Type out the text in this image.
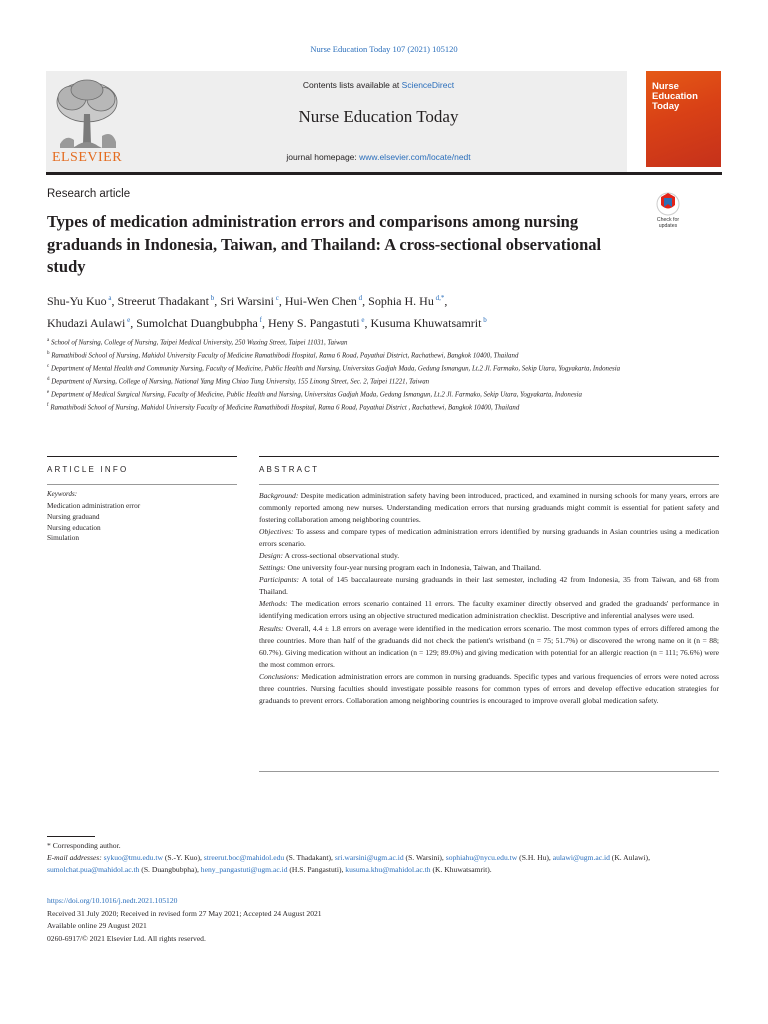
Nurse Education Today 107 (2021) 105120
ELSEVIER
Contents lists available at ScienceDirect
Nurse Education Today
journal homepage: www.elsevier.com/locate/nedt
Nurse
Education
Today
Research article
Types of medication administration errors and comparisons among nursing graduands in Indonesia, Taiwan, and Thailand: A cross-sectional observational study
Check for
updates
Shu-Yu Kuo $^a$, Streerut Thadakant $^b$, Sri Warsini $^c$, Hui-Wen Chen $^d$, Sophia H. Hu $^{d,*}$,
Khudazi Aulawi $^e$, Sumolchat Duangbubpha $^f$, Heny S. Pangastuti $^e$, Kusuma Khuwatsamrit $^b$

$^a$ School of Nursing, College of Nursing, Taipei Medical University, 250 Wuxing Street, Taipei 11031, Taiwan

$^b$ Ramathibodi School of Nursing, Mahidol University Faculty of Medicine Ramathibodi Hospital, Rama 6 Road, Payathai District, Rachathewi, Bangkok 10400, Thailand

$^c$ Department of Mental Health and Community Nursing, Faculty of Medicine, Public Health and Nursing, Universitas Gadjah Mada, Gedung Ismangun, Lt.2 Jl. Farmako, Sekip Utara, Yogyakarta, Indonesia

$^d$ Department of Nursing, College of Nursing, National Yang Ming Chiao Tung University, 155 Linong Street, Sec. 2, Taipei 11221, Taiwan

$^e$ Department of Medical Surgical Nursing, Faculty of Medicine, Public Health and Nursing, Universitas Gadjah Mada, Gedung Ismangun, Lt.2 Jl. Farmako, Sekip Utara, Yogyakarta, Indonesia

$^f$ Ramathibodi School of Nursing, Mahidol University Faculty of Medicine Ramathibodi Hospital, Rama 6 Road, Payathai District , Rachathewi, Bangkok 10400, Thailand

ARTICLE INFO	ABSTRACT
Keywords:
Medication administration error
Nursing graduand
Nursing education
Simulation

Background: Despite medication administration safety having been introduced, practiced, and examined in nursing schools for many years, errors are commonly reported among new nurses. Understanding medication errors that nursing graduands might commit is essential for patient safety and fostering collaboration among neighboring countries.

Objectives: To assess and compare types of medication administration errors identified by nursing graduands in Asian countries using a medication errors scenario.

Design: A cross-sectional observational study.

Settings: One university four-year nursing program each in Indonesia, Taiwan, and Thailand.

Participants: A total of 145 baccalaureate nursing graduands in their last semester, including 42 from Indonesia, 35 from Taiwan, and 68 from Thailand.

Methods: The medication errors scenario contained 11 errors. The faculty examiner directly observed and graded the graduands' performance in identifying medication errors using an objective structured medication administration checklist. Descriptive and inferential analyses were used.

Results: Overall, 4.4 ± 1.8 errors on average were identified in the medication errors scenario. The most common types of errors differed among the three countries. More than half of the graduands did not check the patient's wristband (n = 75; 51.7%) or discovered the wrong name on it (n = 88; 60.7%). Giving medication without an indication (n = 129; 89.0%) and giving medication with potential for an allergic reaction (n = 111; 76.6%) were the most common errors.

Conclusions: Medication administration errors are common in nursing graduands. Specific types and various frequencies of errors were noted across three countries. Nursing faculties should investigate possible reasons for common types of errors and develop effective education strategies for graduands to prevent errors. Collaboration among neighboring countries is encouraged to improve overall global medication safety.

* Corresponding author.

E-mail addresses: sykuo@tmu.edu.tw (S.-Y. Kuo), streerut.boc@mahidol.edu (S. Thadakant), sri.warsini@ugm.ac.id (S. Warsini), sophiahu@nycu.edu.tw (S.H. Hu), aulawi@ugm.ac.id (K. Aulawi), sumolchat.pua@mahidol.ac.th (S. Duangbubpha), heny_pangastuti@ugm.ac.id (H.S. Pangastuti), kusuma.khu@mahidol.ac.th (K. Khuwatsamrit).

https://doi.org/10.1016/j.nedt.2021.105120

Received 31 July 2020; Received in revised form 27 May 2021; Accepted 24 August 2021

Available online 29 August 2021

0260-6917/© 2021 Elsevier Ltd. All rights reserved.
